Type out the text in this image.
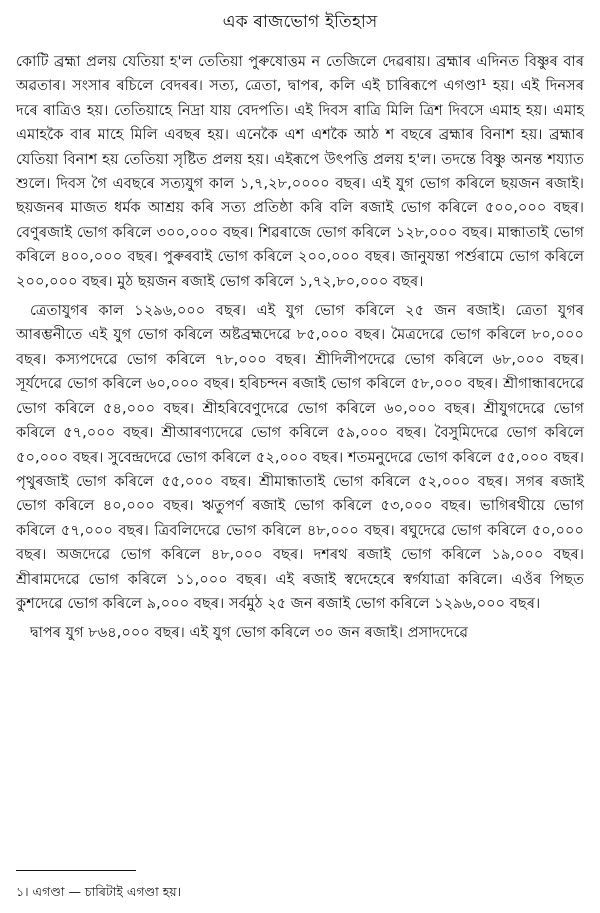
এক ৰাজভোগ ইতিহাস

কোটি ব্ৰহ্মা প্ৰলয় যেতিয়া হ'ল তেতিয়া পুৰুষোত্তম ন তেজিলে দেৱৰায়। ব্ৰহ্মাৰ এদিনত বিষ্ণুৰ বাৰ অৱতাৰ। সংসাৰ ৰচিলে বেদৰৰ। সত্য, ত্ৰেতা, দ্বাপৰ, কলি এই চাৰিৰূপে এগণ্ডা¹ হয়। এই দিনসৰ দৰে ৰাত্ৰিও হয়। তেতিয়াহে নিদ্ৰা যায় বেদপতি। এই দিবস ৰাত্ৰি মিলি ত্ৰিশ দিবসে এমাহ হয়। এমাহ এমাহকৈ বাৰ মাহে মিলি এবছৰ হয়। এনেকৈ এশ এশকৈ আঠ শ বছৰে ব্ৰহ্মাৰ বিনাশ হয়। ব্ৰহ্মাৰ যেতিয়া বিনাশ হয় তেতিয়া সৃষ্টিত প্ৰলয় হয়। এইৰূপে উৎপত্তি প্ৰলয় হ'ল। তদন্তে বিষ্ণু অনন্ত শয্যাত শুলে। দিবস গৈ এবছৰে সত্যযুগ কাল ১,৭,২৮,০০০০ বছৰ। এই যুগ ভোগ কৰিলে ছয়জন ৰজাই। ছয়জনৰ মাজত ধৰ্মক আশ্ৰয় কৰি সত্য প্ৰতিষ্ঠা কৰি বলি ৰজাই ভোগ কৰিলে ৫০০,০০০ বছৰ। বেণুৰজাই ভোগ কৰিলে ৩০০,০০০ বছৰ। শিৱৰাজে ভোগ কৰিলে ১২৮,০০০ বছৰ। মান্ধাতাই ভোগ কৰিলে ৪০০,০০০ বছৰ। পুৰুৰবাই ভোগ কৰিলে ২০০,০০০ বছৰ। জানুযন্তা পৰ্শুৰামে ভোগ কৰিলে ২০০,০০০ বছৰ। মুঠ ছয়জন ৰজাই ভোগ কৰিলে ১,৭২,৮০,০০০ বছৰ।

ত্ৰেতাযুগৰ কাল ১২৯৬,০০০ বছৰ। এই যুগ ভোগ কৰিলে ২৫ জন ৰজাই। ত্ৰেতা যুগৰ আৰম্ভনীতে এই যুগ ভোগ কৰিলে অষ্টব্ৰহ্মদেৱে ৮৫,০০০ বছৰ। মৈত্ৰদেৱে ভোগ কৰিলে ৮০,০০০ বছৰ। কস্যপদেৱে ভোগ কৰিলে ৭৮,০০০ বছৰ। শ্ৰীদিলীপদেৱে ভোগ কৰিলে ৬৮,০০০ বছৰ। সূৰ্যদেৱে ভোগ কৰিলে ৬০,০০০ বছৰ। হৰিচন্দন ৰজাই ভোগ কৰিলে ৫৮,০০০ বছৰ। শ্ৰীগান্ধাৰদেৱে ভোগ কৰিলে ৫৪,০০০ বছৰ। শ্ৰীহৰিবেণুদেৱে ভোগ কৰিলে ৬০,০০০ বছৰ। শ্ৰীযুগদেৱে ভোগ কৰিলে ৫৭,০০০ বছৰ। শ্ৰীআৰণ্যদেৱে ভোগ কৰিলে ৫৯,০০০ বছৰ। বৈসুমিদেৱে ভোগ কৰিলে ৫০,০০০ বছৰ। সুবেন্দ্ৰদেৱে ভোগ কৰিলে ৫২,০০০ বছৰ। শতমনুদেৱে ভোগ কৰিলে ৫৫,০০০ বছৰ। পৃথুৰজাই ভোগ কৰিলে ৫৫,০০০ বছৰ। শ্ৰীমান্ধাতাই ভোগ কৰিলে ৫২,০০০ বছৰ। সগৰ ৰজাই ভোগ কৰিলে ৪০,০০০ বছৰ। ঋতুপৰ্ণ ৰজাই ভোগ কৰিলে ৫৩,০০০ বছৰ। ভাগিৰথীয়ে ভোগ কৰিলে ৫৭,০০০ বছৰ। ত্ৰিবলিদেৱে ভোগ কৰিলে ৪৮,০০০ বছৰ। ৰঘুদেৱে ভোগ কৰিলে ৫০,০০০ বছৰ। অজদেৱে ভোগ কৰিলে ৪৮,০০০ বছৰ। দশৰথ ৰজাই ভোগ কৰিলে ১৯,০০০ বছৰ। শ্ৰীৰামদেৱে ভোগ কৰিলে ১১,০০০ বছৰ। এই ৰজাই স্বদেহেৰে স্বৰ্গযাত্ৰা কৰিলে। এওঁৰ পিছত কুশদেৱে ভোগ কৰিলে ৯,০০০ বছৰ। সৰ্বমুঠ ২৫ জন ৰজাই ভোগ কৰিলে ১২৯৬,০০০ বছৰ।

দ্বাপৰ যুগ ৮৬৪,০০০ বছৰ। এই যুগ ভোগ কৰিলে ৩০ জন ৰজাই। প্ৰসাদদেৱে

১। এগণ্ডা — চাৰিটাই এগণ্ডা হয়।
